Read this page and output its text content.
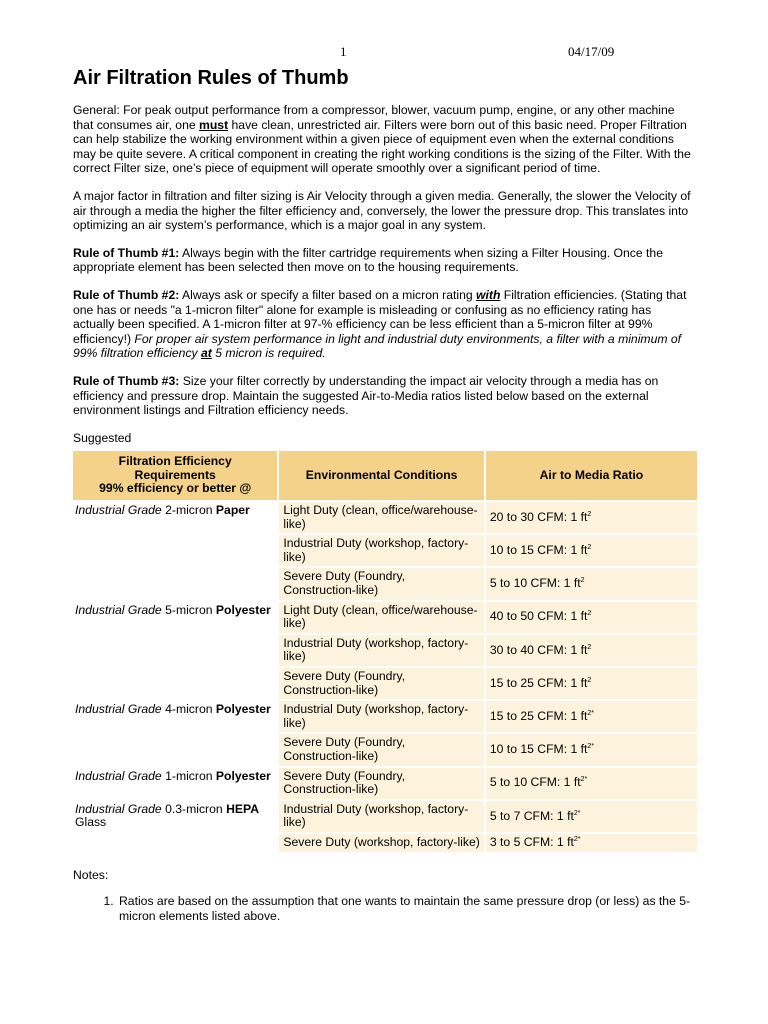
1	04/17/09
Air Filtration Rules of Thumb

General: For peak output performance from a compressor, blower, vacuum pump, engine, or any other machine that consumes air, one must have clean, unrestricted air. Filters were born out of this basic need. Proper Filtration can help stabilize the working environment within a given piece of equipment even when the external conditions may be quite severe. A critical component in creating the right working conditions is the sizing of the Filter. With the correct Filter size, one’s piece of equipment will operate smoothly over a significant period of time.

A major factor in filtration and filter sizing is Air Velocity through a given media. Generally, the slower the Velocity of air through a media the higher the filter efficiency and, conversely, the lower the pressure drop. This translates into optimizing an air system’s performance, which is a major goal in any system.

Rule of Thumb #1: Always begin with the filter cartridge requirements when sizing a Filter Housing. Once the appropriate element has been selected then move on to the housing requirements.

Rule of Thumb #2: Always ask or specify a filter based on a micron rating with Filtration efficiencies. (Stating that one has or needs "a 1-micron filter" alone for example is misleading or confusing as no efficiency rating has actually been specified. A 1-micron filter at 97-% efficiency can be less efficient than a 5-micron filter at 99% efficiency!) For proper air system performance in light and industrial duty environments, a filter with a minimum of 99% filtration efficiency at 5 micron is required.

Rule of Thumb #3: Size your filter correctly by understanding the impact air velocity through a media has on efficiency and pressure drop. Maintain the suggested Air-to-Media ratios listed below based on the external environment listings and Filtration efficiency needs.

Suggested

Filtration Efficiency
Requirements
99% efficiency or better @	Environmental Conditions	Air to Media Ratio
Industrial Grade 2-micron Paper	Light Duty (clean, office/warehouse-like)	20 to 30 CFM: 1 $ft^2$
	Industrial Duty (workshop, factory-like)	10 to 15 CFM: 1 $ft^2$
	Severe Duty (Foundry, Construction-like)	5 to 10 CFM: 1 $ft^2$
Industrial Grade 5-micron Polyester	Light Duty (clean, office/warehouse-like)	40 to 50 CFM: 1 $ft^2$
	Industrial Duty (workshop, factory-like)	30 to 40 CFM: 1 $ft^2$
	Severe Duty (Foundry, Construction-like)	15 to 25 CFM: 1 $ft^2$
Industrial Grade 4-micron Polyester	Industrial Duty (workshop, factory-like)	15 to 25 CFM: 1 $ft^{2*}$
	Severe Duty (Foundry, Construction-like)	10 to 15 CFM: 1 $ft^{2*}$
Industrial Grade 1-micron Polyester	Severe Duty (Foundry, Construction-like)	5 to 10 CFM: 1 $ft^{2*}$
Industrial Grade 0.3-micron HEPA Glass	Industrial Duty (workshop, factory-like)	5 to 7 CFM: 1 $ft^{2*}$
	Severe Duty (workshop, factory-like)	3 to 5 CFM: 1 $ft^{2*}$

Notes:

1. Ratios are based on the assumption that one wants to maintain the same pressure drop (or less) as the 5-micron elements listed above.
